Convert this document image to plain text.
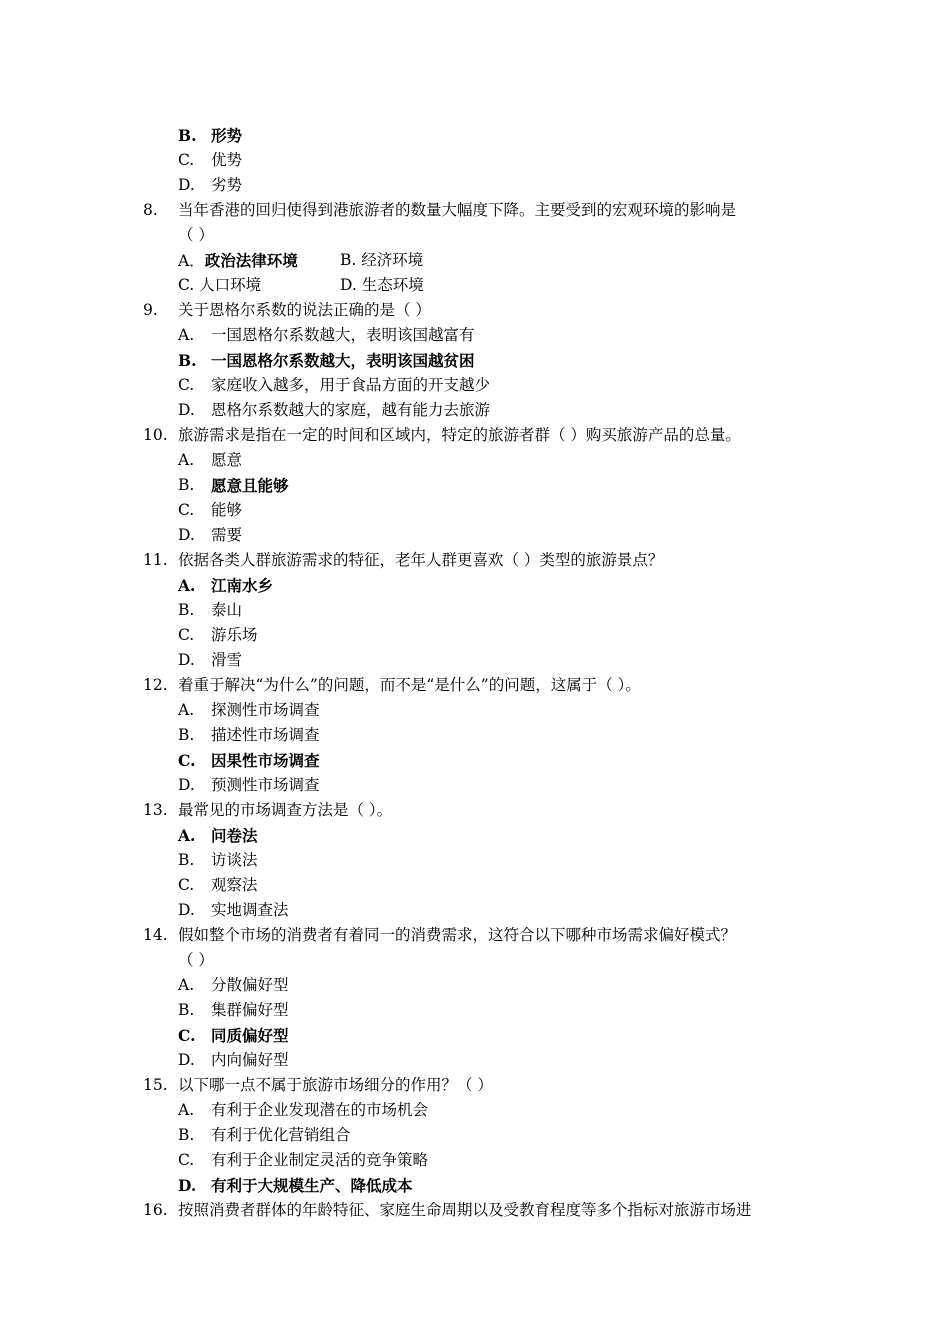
B. 形势
C. 优势
D. 劣势
8. 当年香港的回归使得到港旅游者的数量大幅度下降。主要受到的宏观环境的影响是
（ ）
A．政治法律环境	B. 经济环境
C. 人口环境	D. 生态环境
9. 关于恩格尔系数的说法正确的是（ ）
A. 一国恩格尔系数越大，表明该国越富有
B. 一国恩格尔系数越大，表明该国越贫困
C. 家庭收入越多，用于食品方面的开支越少
D. 恩格尔系数越大的家庭，越有能力去旅游
10. 旅游需求是指在一定的时间和区域内，特定的旅游者群（ ）购买旅游产品的总量。
A. 愿意
B. 愿意且能够
C. 能够
D. 需要
11. 依据各类人群旅游需求的特征，老年人群更喜欢（ ）类型的旅游景点？
A. 江南水乡
B. 泰山
C. 游乐场
D. 滑雪
12. 着重于解决“为什么”的问题，而不是“是什么”的问题，这属于（ ）。
A. 探测性市场调查
B. 描述性市场调查
C. 因果性市场调查
D. 预测性市场调查
13. 最常见的市场调查方法是（ ）。
A. 问卷法
B. 访谈法
C. 观察法
D. 实地调查法
14. 假如整个市场的消费者有着同一的消费需求，这符合以下哪种市场需求偏好模式？
（ ）
A. 分散偏好型
B. 集群偏好型
C. 同质偏好型
D. 内向偏好型
15. 以下哪一点不属于旅游市场细分的作用？（ ）
A. 有利于企业发现潜在的市场机会
B. 有利于优化营销组合
C. 有利于企业制定灵活的竞争策略
D. 有利于大规模生产、降低成本
16. 按照消费者群体的年龄特征、家庭生命周期以及受教育程度等多个指标对旅游市场进
